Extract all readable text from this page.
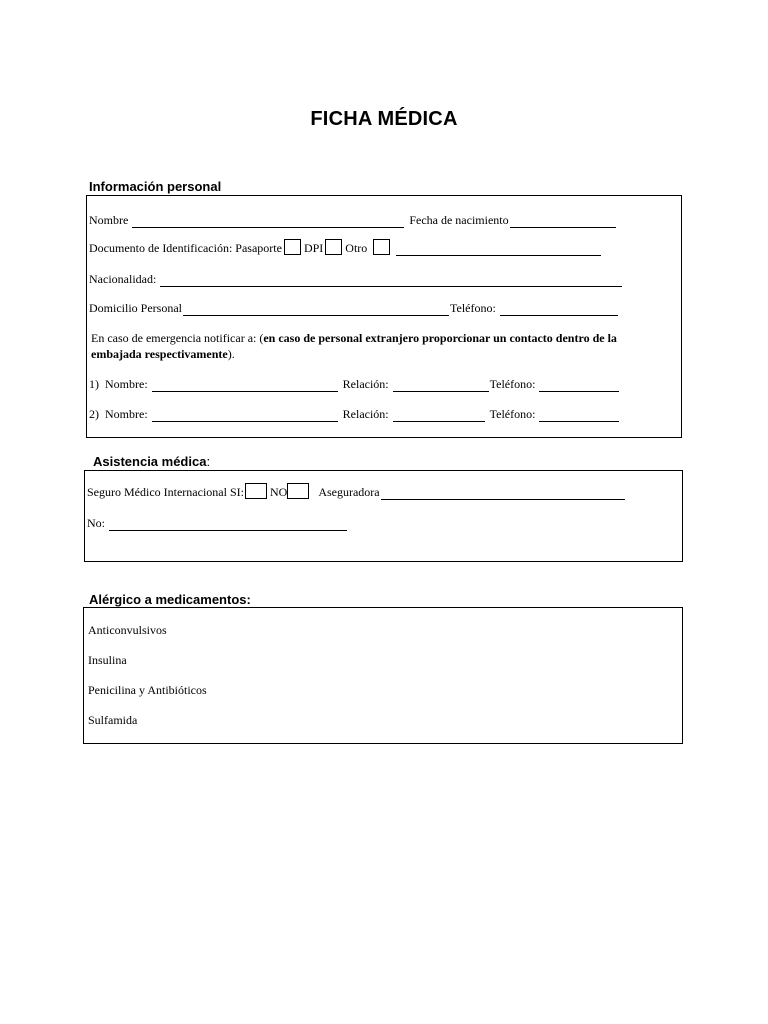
FICHA MÉDICA
Información personal
Nombre	Fecha de nacimiento
Documento de Identificación: Pasaporte DPI Otro
Nacionalidad:
Domicilio Personal	Teléfono:
En caso de emergencia notificar a: (en caso de personal extranjero proporcionar un contacto dentro de la embajada respectivamente).
1) Nombre:	Relación:	Teléfono:
2) Nombre:	Relación:	Teléfono:
Asistencia médica:
Seguro Médico Internacional SI: NO	Aseguradora
No:
Alérgico a medicamentos:
Anticonvulsivos
Insulina
Penicilina y Antibióticos
Sulfamida
